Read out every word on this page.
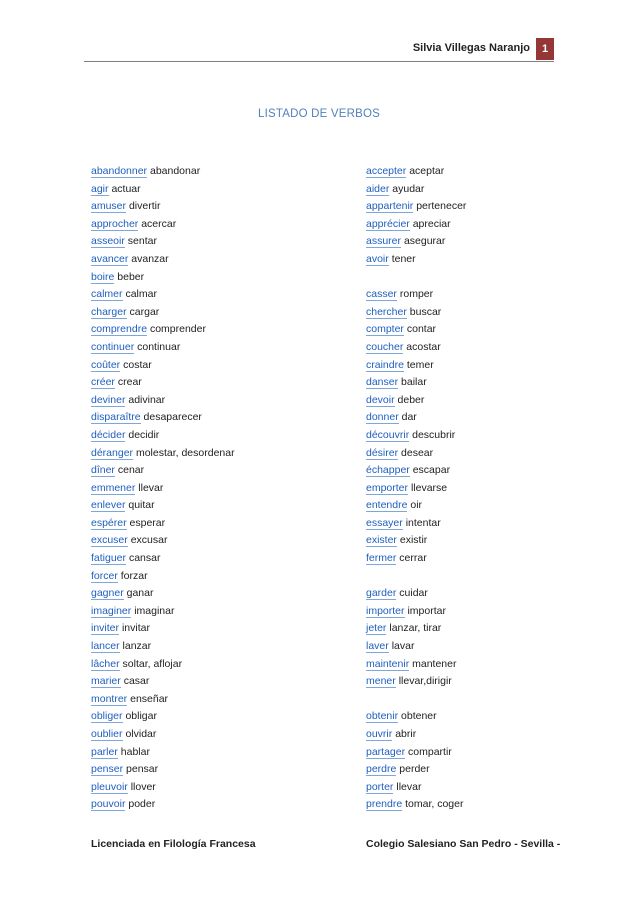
Silvia Villegas Naranjo	1
LISTADO DE VERBOS
abandonner abandonar
agir actuar
amuser divertir
approcher acercar
asseoir sentar
avancer avanzar
boire beber
calmer calmar
charger cargar
comprendre comprender
continuer continuar
coûter costar
créer crear
deviner adivinar
disparaître desaparecer
décider decidir
déranger molestar, desordenar
dîner cenar
emmener llevar
enlever quitar
espérer esperar
excuser excusar
fatiguer cansar
forcer forzar
gagner ganar
imaginer imaginar
inviter invitar
lancer lanzar
lâcher soltar, aflojar
marier casar
montrer enseñar
obliger obligar
oublier olvidar
parler hablar
penser pensar
pleuvoir llover
pouvoir poder
accepter aceptar
aider ayudar
appartenir pertenecer
apprécier apreciar
assurer asegurar
avoir tener
casser romper
chercher buscar
compter contar
coucher acostar
craindre temer
danser bailar
devoir deber
donner dar
découvrir descubrir
désirer desear
échapper escapar
emporter llevarse
entendre oir
essayer intentar
exister existir
fermer cerrar
garder cuidar
importer importar
jeter lanzar, tirar
laver lavar
maintenir mantener
mener llevar,dirigir
obtenir obtener
ouvrir abrir
partager compartir
perdre perder
porter llevar
prendre tomar, coger
Licenciada en Filología Francesa	Colegio Salesiano San Pedro - Sevilla -
